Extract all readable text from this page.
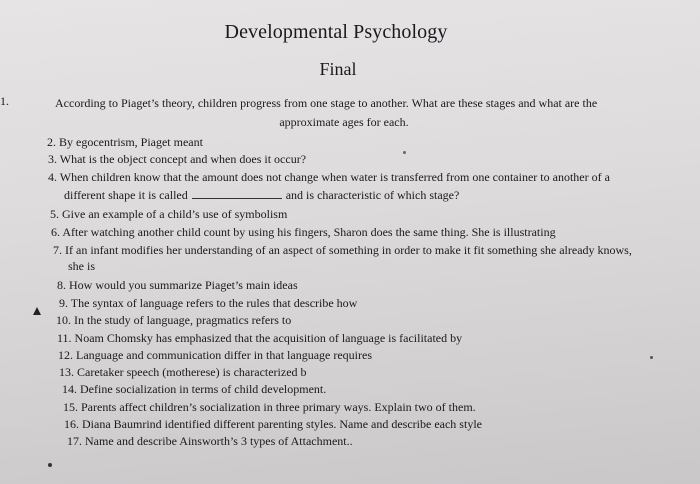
Developmental Psychology
Final
1.	According to Piaget’s theory, children progress from one stage to another. What are these stages and what are the
approximate ages for each.
2. By egocentrism, Piaget meant
3. What is the object concept and when does it occur?
4. When children know that the amount does not change when water is transferred from one container to another of a
different shape it is called	and is characteristic of which stage?
5. Give an example of a child’s use of symbolism
6. After watching another child count by using his fingers, Sharon does the same thing. She is illustrating
7. If an infant modifies her understanding of an aspect of something in order to make it fit something she already knows,
she is
8. How would you summarize Piaget’s main ideas
9. The syntax of language refers to the rules that describe how
10. In the study of language, pragmatics refers to
11. Noam Chomsky has emphasized that the acquisition of language is facilitated by
12. Language and communication differ in that language requires
13. Caretaker speech (motherese) is characterized b
14. Define socialization in terms of child development.
15. Parents affect children’s socialization in three primary ways. Explain two of them.
16. Diana Baumrind identified different parenting styles. Name and describe each style
17. Name and describe Ainsworth’s 3 types of Attachment..
